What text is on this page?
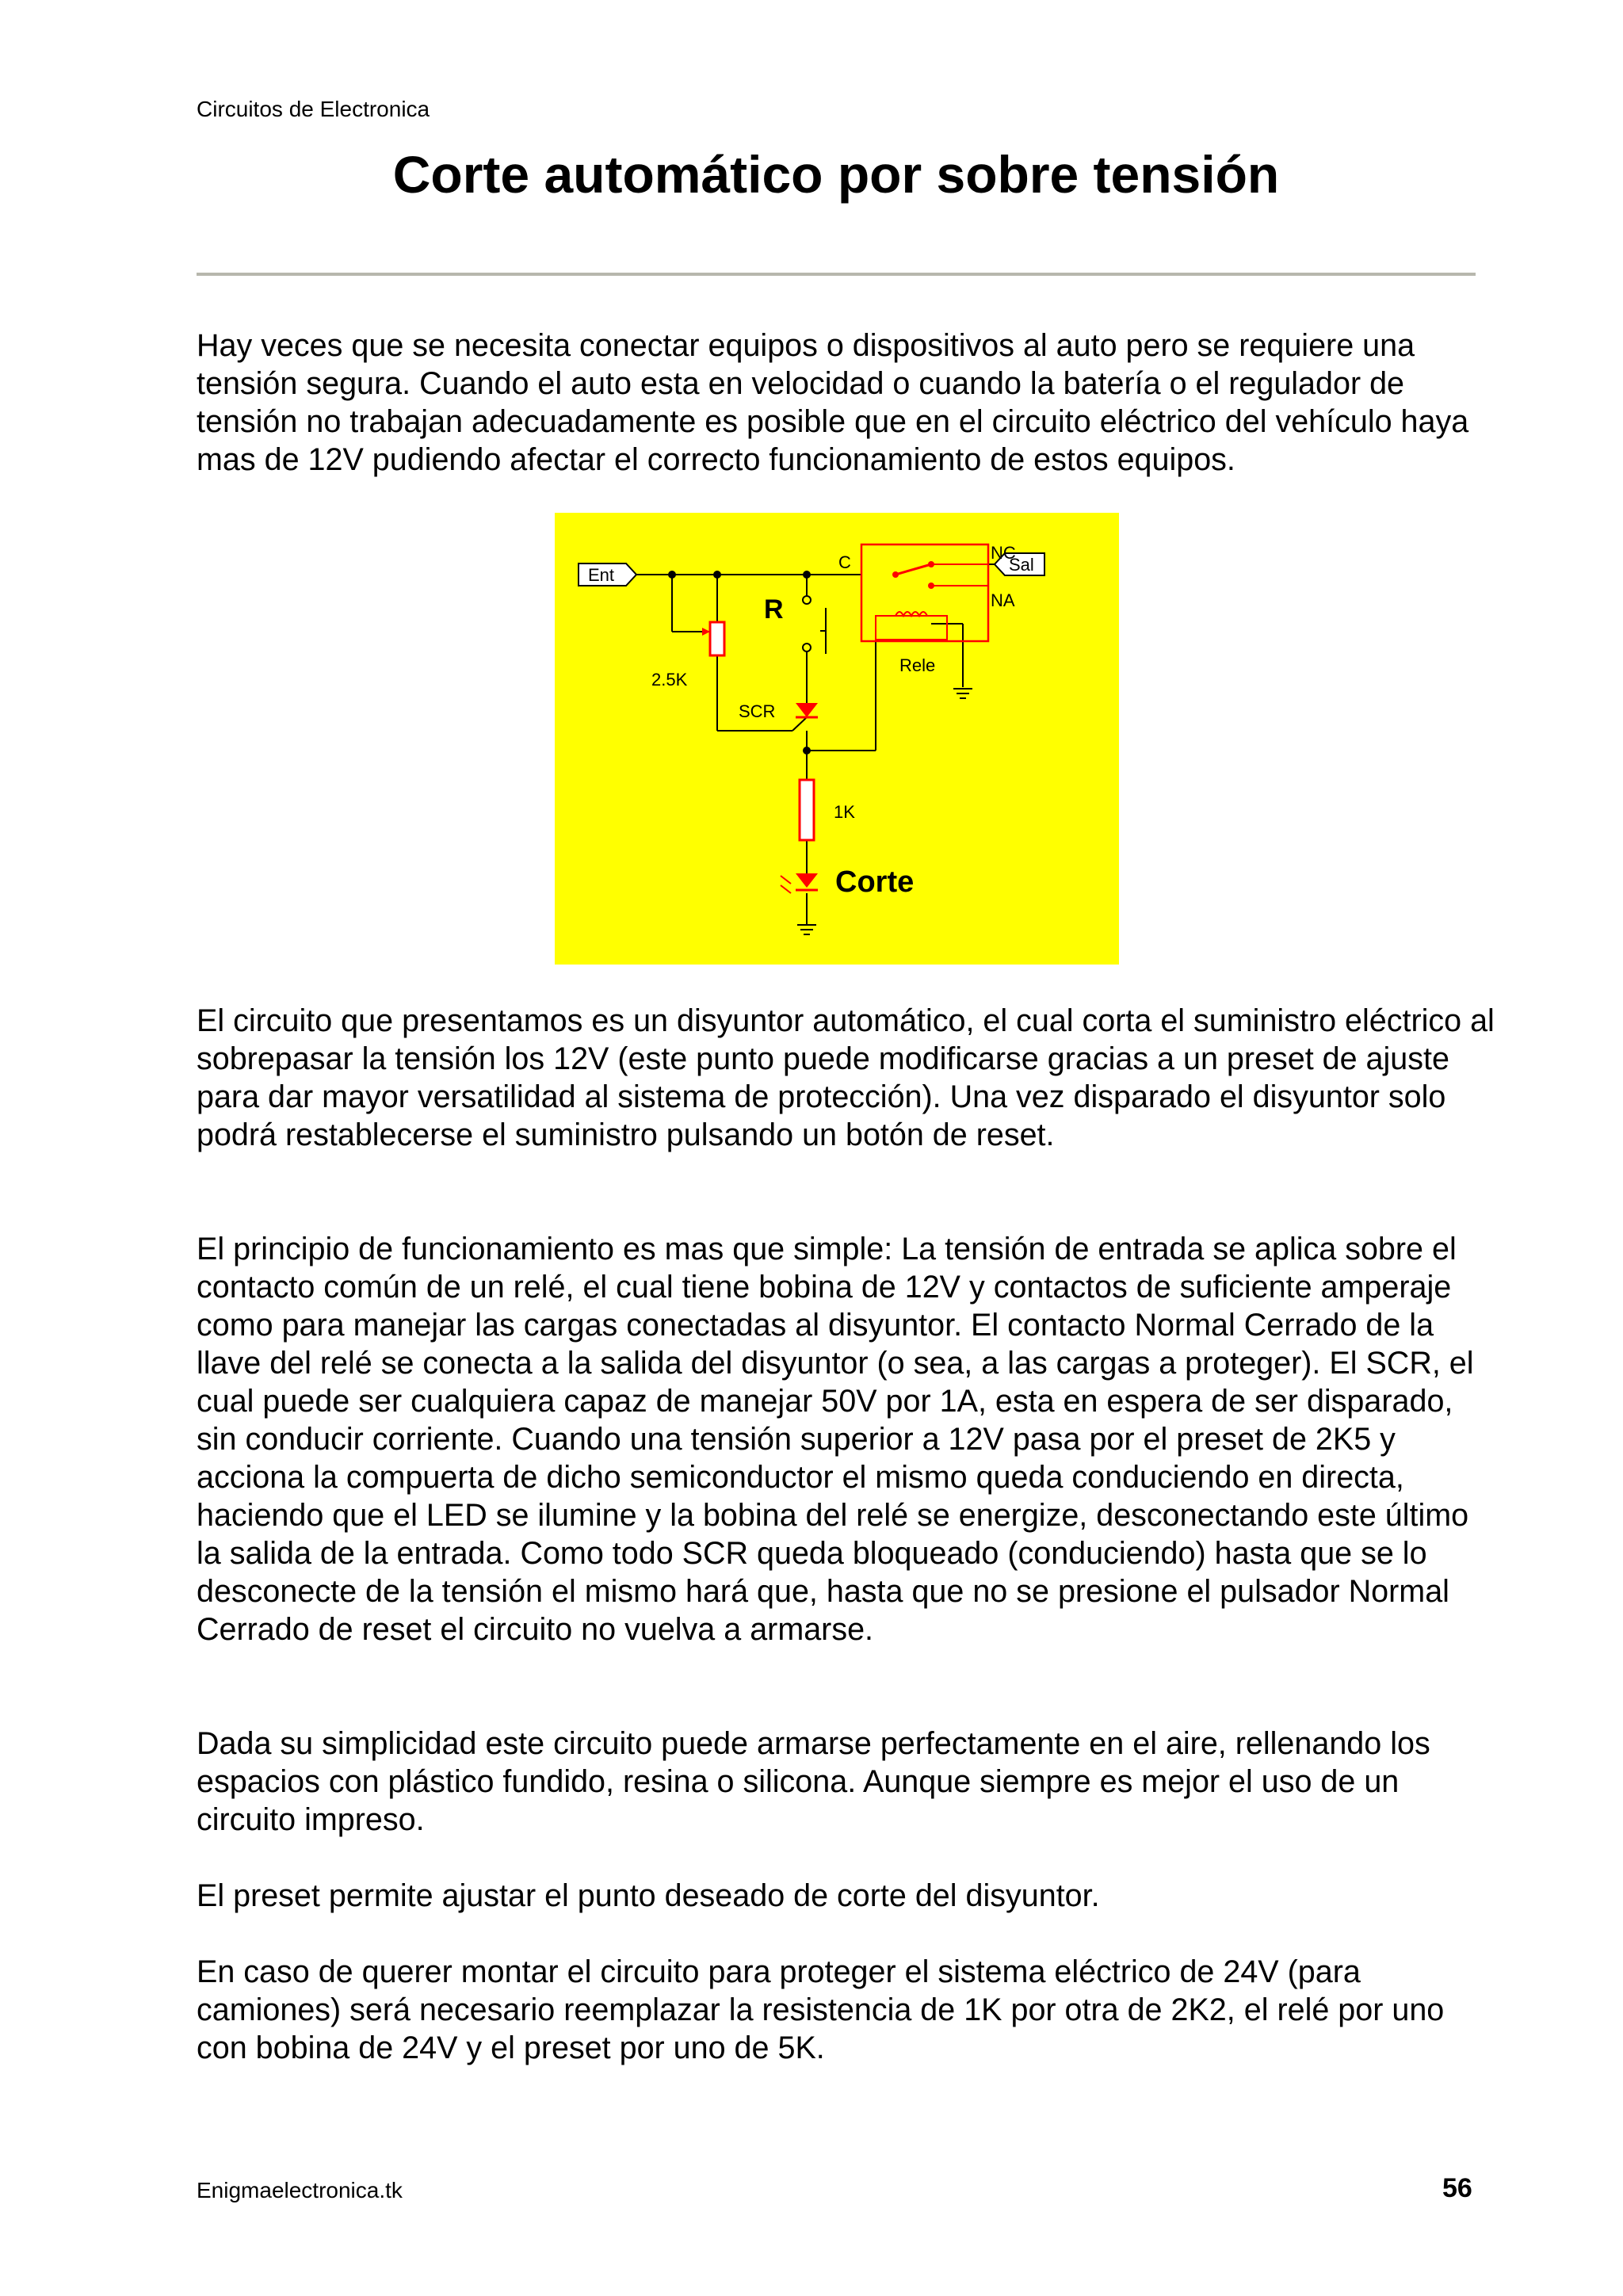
Circuitos de Electronica
Corte automático por sobre tensión

Hay veces que se necesita conectar equipos o dispositivos al auto pero se requiere una tensión segura. Cuando el auto esta en velocidad o cuando la batería o el regulador de tensión no trabajan adecuadamente es posible que en el circuito eléctrico del vehículo haya mas de 12V pudiendo afectar el correcto funcionamiento de estos equipos.

Ent
Sal
2.5K
R
C	NC
NA
Rele
SCR
1K
Corte

El circuito que presentamos es un disyuntor automático, el cual corta el suministro eléctrico al sobrepasar la tensión los 12V (este punto puede modificarse gracias a un preset de ajuste para dar mayor versatilidad al sistema de protección). Una vez disparado el disyuntor solo podrá restablecerse el suministro pulsando un botón de reset.

El principio de funcionamiento es mas que simple: La tensión de entrada se aplica sobre el contacto común de un relé, el cual tiene bobina de 12V y contactos de suficiente amperaje como para manejar las cargas conectadas al disyuntor. El contacto Normal Cerrado de la llave del relé se conecta a la salida del disyuntor (o sea, a las cargas a proteger). El SCR, el cual puede ser cualquiera capaz de manejar 50V por 1A, esta en espera de ser disparado, sin conducir corriente. Cuando una tensión superior a 12V pasa por el preset de 2K5 y acciona la compuerta de dicho semiconductor el mismo queda conduciendo en directa, haciendo que el LED se ilumine y la bobina del relé se energize, desconectando este último la salida de la entrada. Como todo SCR queda bloqueado (conduciendo) hasta que se lo desconecte de la tensión el mismo hará que, hasta que no se presione el pulsador Normal Cerrado de reset el circuito no vuelva a armarse.

Dada su simplicidad este circuito puede armarse perfectamente en el aire, rellenando los espacios con plástico fundido, resina o silicona. Aunque siempre es mejor el uso de un circuito impreso.

El preset permite ajustar el punto deseado de corte del disyuntor.

En caso de querer montar el circuito para proteger el sistema eléctrico de 24V (para camiones) será necesario reemplazar la resistencia de 1K por otra de 2K2, el relé por uno con bobina de 24V y el preset por uno de 5K.

Enigmaelectronica.tk	56
